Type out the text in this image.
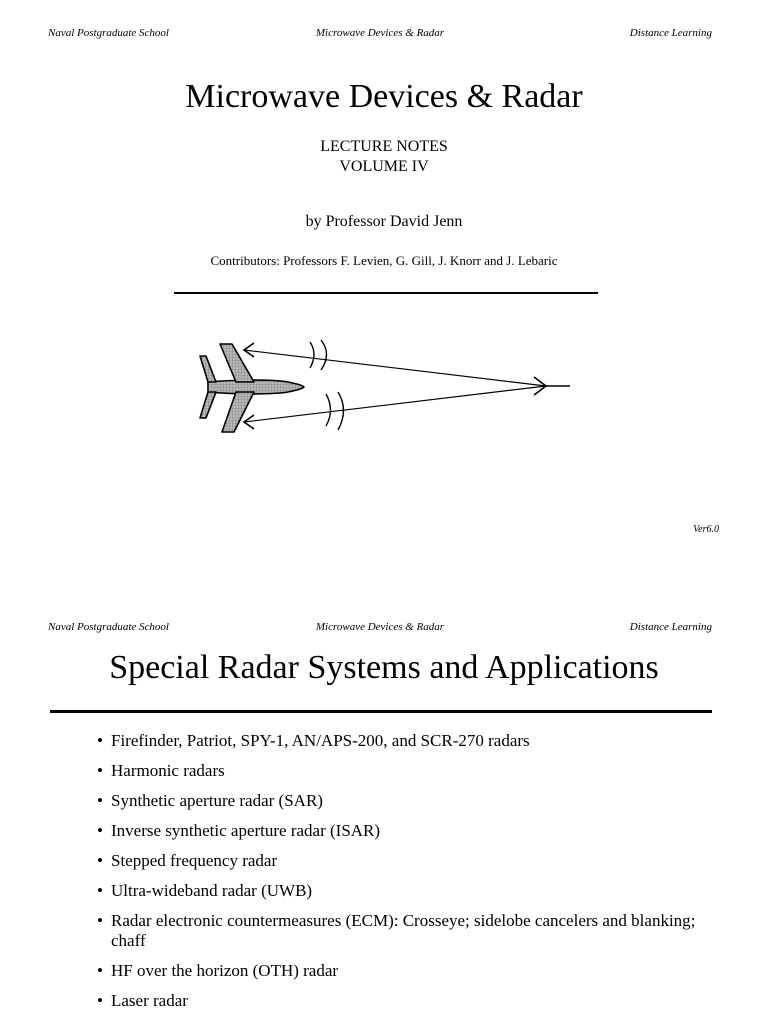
Naval Postgraduate School	Microwave Devices & Radar	Distance Learning
Microwave Devices & Radar
LECTURE NOTES
VOLUME IV
by Professor David Jenn
Contributors: Professors F. Levien, G. Gill, J. Knorr and J. Lebaric
Ver6.0
Naval Postgraduate School	Microwave Devices & Radar	Distance Learning
Special Radar Systems and Applications
• Firefinder, Patriot, SPY-1, AN/APS-200, and SCR-270 radars
• Harmonic radars
• Synthetic aperture radar (SAR)
• Inverse synthetic aperture radar (ISAR)
• Stepped frequency radar
• Ultra-wideband radar (UWB)
• Radar electronic countermeasures (ECM): Crosseye; sidelobe cancelers and blanking; chaff
• HF over the horizon (OTH) radar
• Laser radar
